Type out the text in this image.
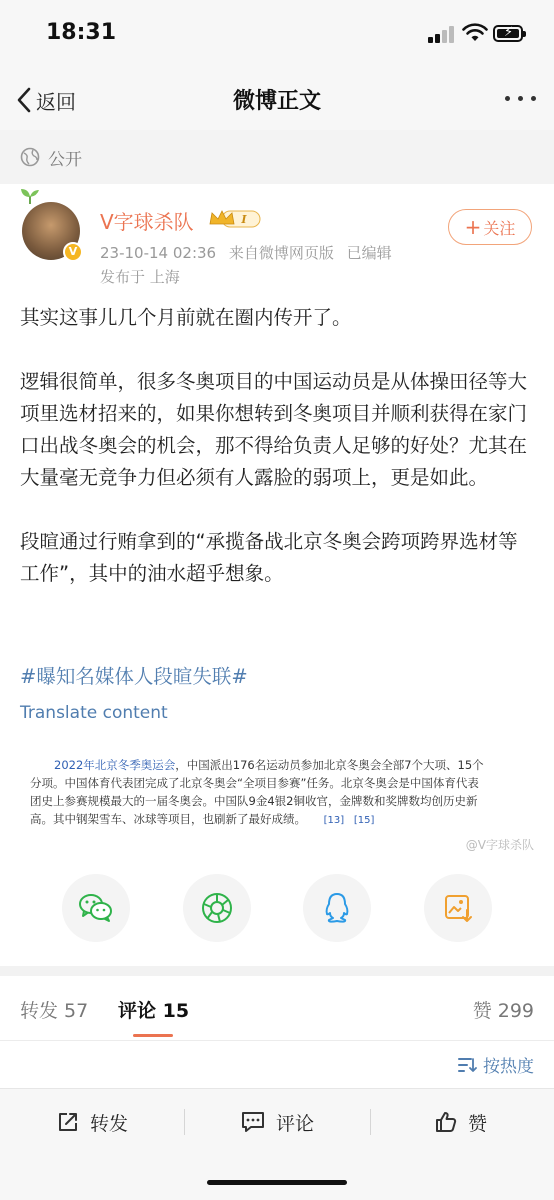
18:31	⚡
返回	微博正文
公开
V
V字球杀队	I
23-10-14 02:36 来自微博网页版 已编辑
发布于 上海
+ 关注

其实这事儿几个月前就在圈内传开了。

逻辑很简单，很多冬奥项目的中国运动员是从体操田径等大项里选材招来的，如果你想转到冬奥项目并顺利获得在家门口出战冬奥会的机会，那不得给负责人足够的好处？尤其在大量毫无竞争力但必须有人露脸的弱项上，更是如此。

段暄通过行贿拿到的“承揽备战北京冬奥会跨项跨界选材等工作”，其中的油水超乎想象。

#曝知名媒体人段暄失联#
Translate content
2022年北京冬季奥运会，中国派出176名运动员参加北京冬奥会全部7个大项、15个
分项。中国体育代表团完成了北京冬奥会“全项目参赛”任务。北京冬奥会是中国体育代表
团史上参赛规模最大的一届冬奥会。中国队9金4银2铜收官，金牌数和奖牌数均创历史新
高。其中钢架雪车、冰球等项目，也刷新了最好成绩。 [13] [15]
@V字球杀队
转发 57 评论 15	赞 299
按热度
转发	评论	赞
